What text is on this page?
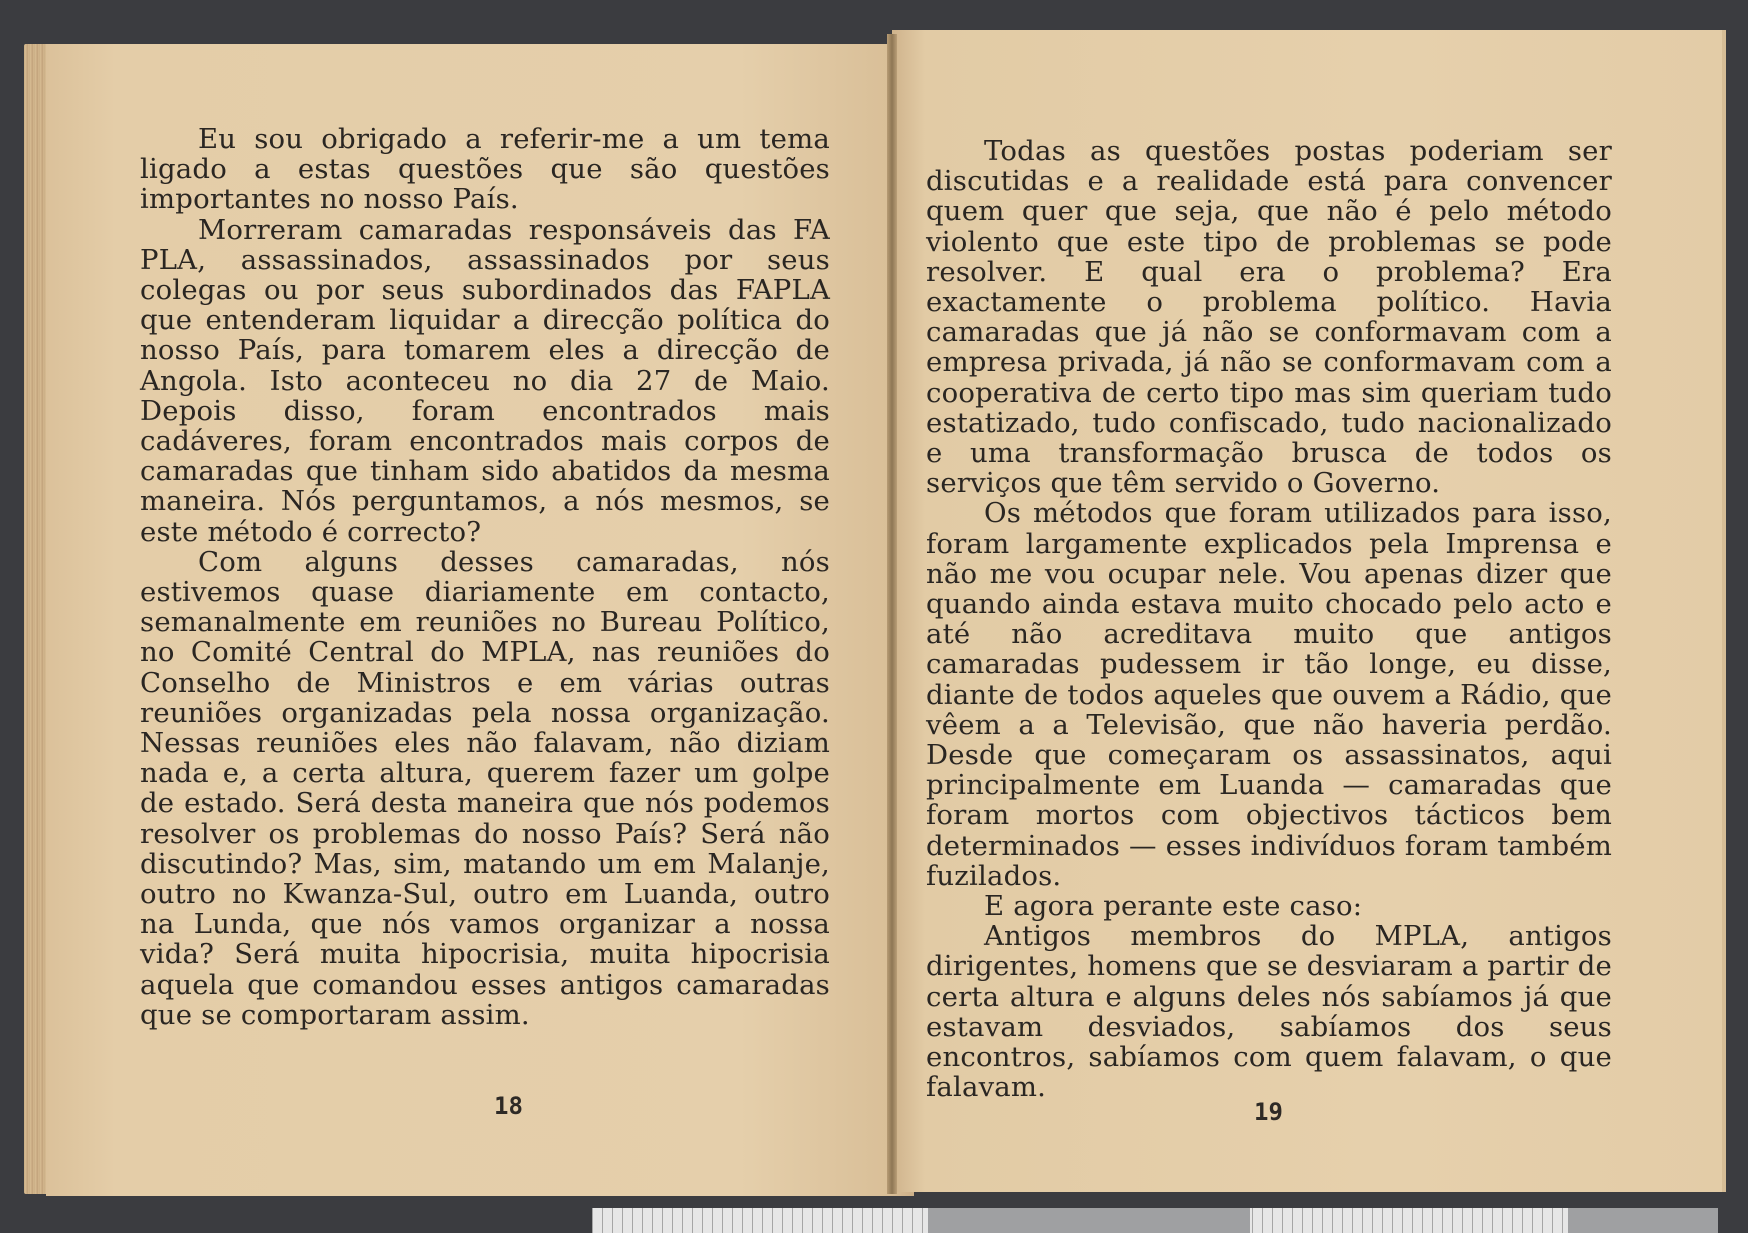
Eu sou obrigado a referir-me a um tema ligado a estas questões que são questões importantes no nosso País.

Morreram camaradas responsáveis das FA PLA, assassinados, assassinados por seus colegas ou por seus subordinados das FAPLA que entenderam liquidar a direcção política do nosso País, para tomarem eles a direcção de Angola. Isto aconteceu no dia 27 de Maio. Depois disso, foram encontrados mais cadáveres, foram encontrados mais corpos de camaradas que tinham sido abatidos da mesma maneira. Nós perguntamos, a nós mesmos, se este método é correcto?

Com alguns desses camaradas, nós estivemos quase diariamente em contacto, semanalmente em reuniões no Bureau Político, no Comité Central do MPLA, nas reuniões do Conselho de Ministros e em várias outras reuniões organizadas pela nossa organização. Nessas reuniões eles não falavam, não diziam nada e, a certa altura, querem fazer um golpe de estado. Será desta maneira que nós podemos resolver os problemas do nosso País? Será não discutindo? Mas, sim, matando um em Malanje, outro no Kwanza-Sul, outro em Luanda, outro na Lunda, que nós vamos organizar a nossa vida? Será muita hipocrisia, muita hipocrisia aquela que comandou esses antigos camaradas que se comportaram assim.

18

Todas as questões postas poderiam ser discutidas e a realidade está para convencer quem quer que seja, que não é pelo método violento que este tipo de problemas se pode resolver. E qual era o problema? Era exactamente o problema político. Havia camaradas que já não se conformavam com a empresa privada, já não se conformavam com a cooperativa de certo tipo mas sim queriam tudo estatizado, tudo confiscado, tudo nacionalizado e uma transformação brusca de todos os serviços que têm servido o Governo.

Os métodos que foram utilizados para isso, foram largamente explicados pela Imprensa e não me vou ocupar nele. Vou apenas dizer que quando ainda estava muito chocado pelo acto e até não acreditava muito que antigos camaradas pudessem ir tão longe, eu disse, diante de todos aqueles que ouvem a Rádio, que vêem a a Televisão, que não haveria perdão. Desde que começaram os assassinatos, aqui principalmente em Luanda — camaradas que foram mortos com objectivos tácticos bem determinados — esses indivíduos foram também fuzilados.

E agora perante este caso:

Antigos membros do MPLA, antigos dirigentes, homens que se desviaram a partir de certa altura e alguns deles nós sabíamos já que estavam desviados, sabíamos dos seus encontros, sabíamos com quem falavam, o que falavam.

19
